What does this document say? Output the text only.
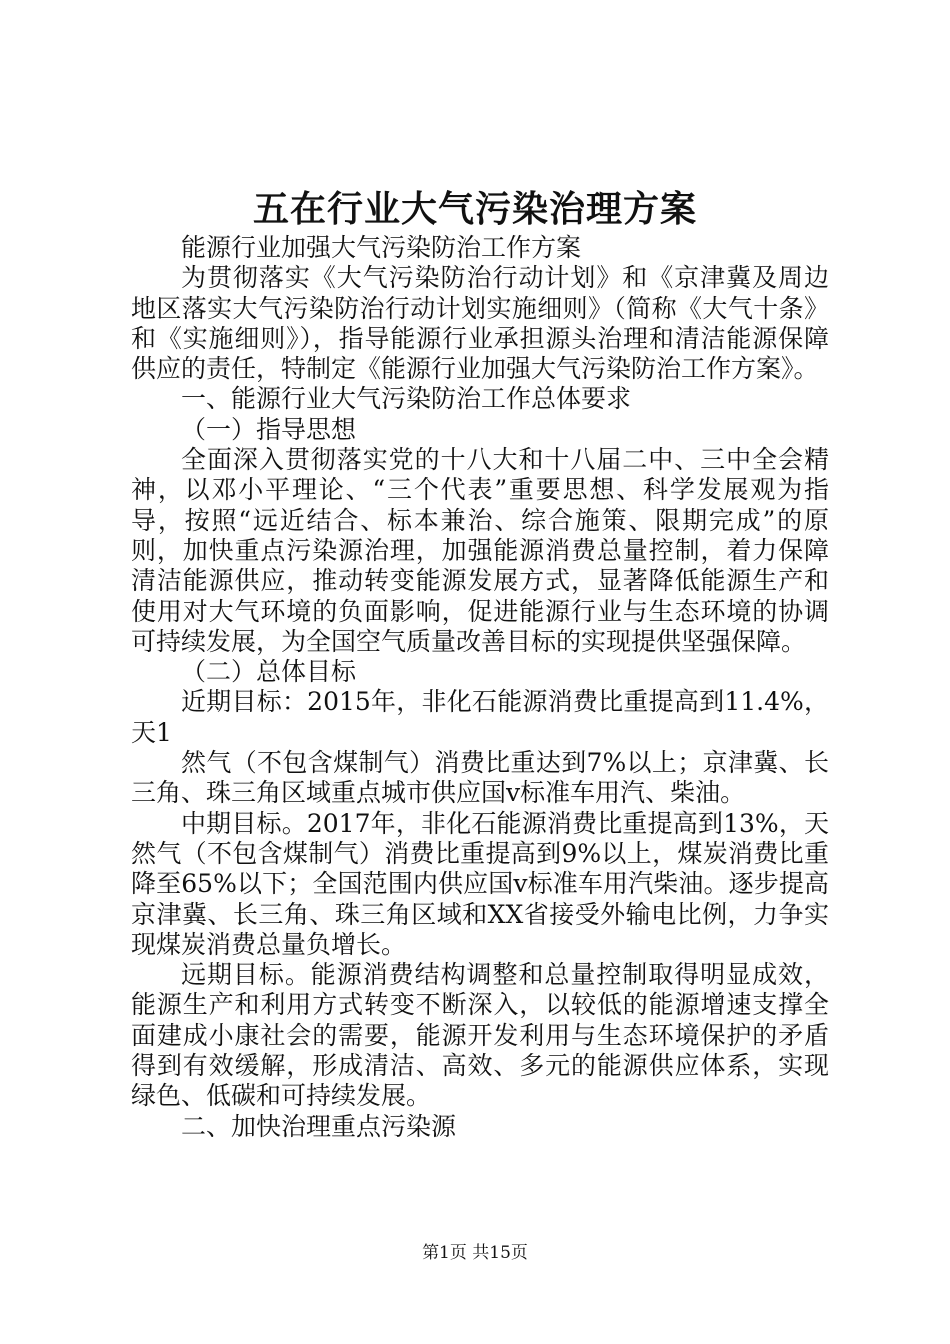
五在行业大气污染治理方案

能源行业加强大气污染防治工作方案

为贯彻落实《大气污染防治行动计划》和《京津冀及周边地区落实大气污染防治行动计划实施细则》（简称《大气十条》和《实施细则》），指导能源行业承担源头治理和清洁能源保障供应的责任，特制定《能源行业加强大气污染防治工作方案》。

一、能源行业大气污染防治工作总体要求

（一）指导思想

全面深入贯彻落实党的十八大和十八届二中、三中全会精神，以邓小平理论、“三个代表”重要思想、科学发展观为指导，按照“远近结合、标本兼治、综合施策、限期完成”的原则，加快重点污染源治理，加强能源消费总量控制，着力保障清洁能源供应，推动转变能源发展方式，显著降低能源生产和使用对大气环境的负面影响，促进能源行业与生态环境的协调可持续发展，为全国空气质量改善目标的实现提供坚强保障。

（二）总体目标

近期目标：2015年，非化石能源消费比重提高到11.4%，天1

然气（不包含煤制气）消费比重达到7%以上；京津冀、长三角、珠三角区域重点城市供应国v标准车用汽、柴油。

中期目标。2017年，非化石能源消费比重提高到13%，天然气（不包含煤制气）消费比重提高到9%以上，煤炭消费比重降至65%以下；全国范围内供应国v标准车用汽柴油。逐步提高京津冀、长三角、珠三角区域和XX省接受外输电比例，力争实现煤炭消费总量负增长。

远期目标。能源消费结构调整和总量控制取得明显成效，能源生产和利用方式转变不断深入，以较低的能源增速支撑全面建成小康社会的需要，能源开发利用与生态环境保护的矛盾得到有效缓解，形成清洁、高效、多元的能源供应体系，实现绿色、低碳和可持续发展。

二、加快治理重点污染源

第1页 共15页
